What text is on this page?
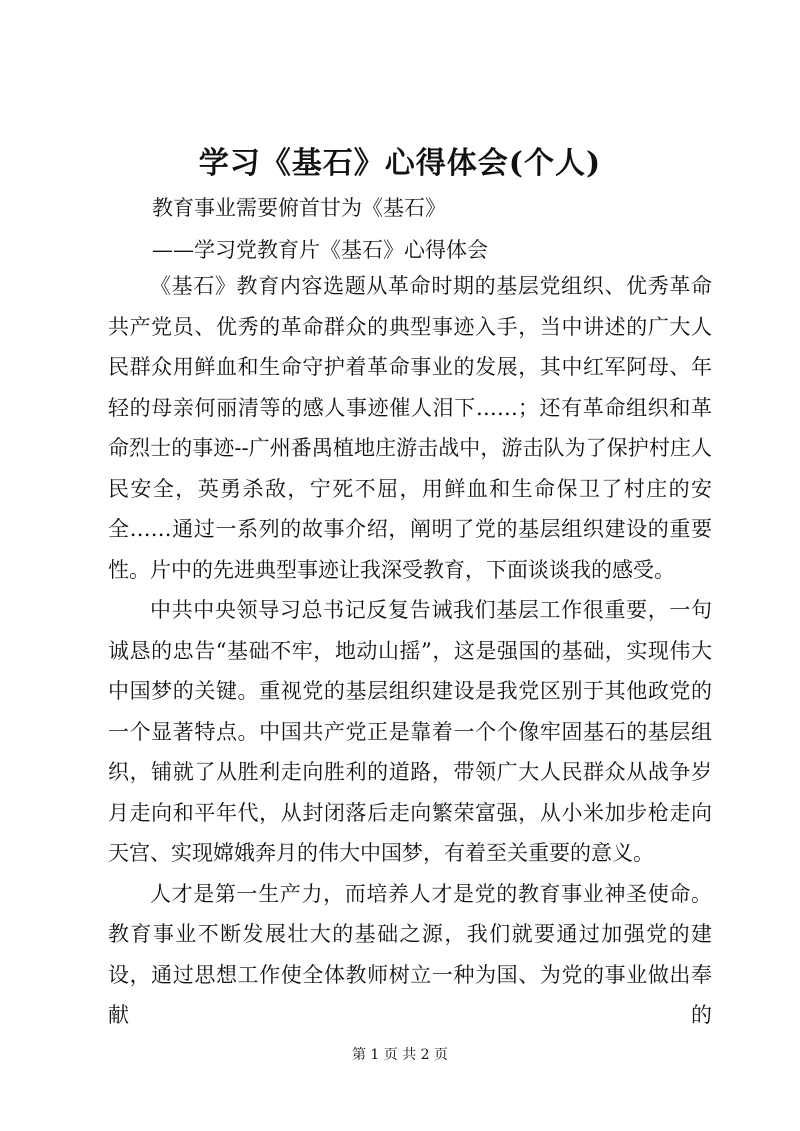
学习《基石》心得体会(个人)

教育事业需要俯首甘为《基石》

——学习党教育片《基石》心得体会

《基石》教育内容选题从革命时期的基层党组织、优秀革命共产党员、优秀的革命群众的典型事迹入手，当中讲述的广大人民群众用鲜血和生命守护着革命事业的发展，其中红军阿母、年轻的母亲何丽清等的感人事迹催人泪下……；还有革命组织和革命烈士的事迹--广州番禺植地庄游击战中，游击队为了保护村庄人民安全，英勇杀敌，宁死不屈，用鲜血和生命保卫了村庄的安全……通过一系列的故事介绍，阐明了党的基层组织建设的重要性。片中的先进典型事迹让我深受教育，下面谈谈我的感受。

中共中央领导习总书记反复告诫我们基层工作很重要，一句诚恳的忠告“基础不牢，地动山摇”，这是强国的基础，实现伟大中国梦的关键。重视党的基层组织建设是我党区别于其他政党的一个显著特点。中国共产党正是靠着一个个像牢固基石的基层组织，铺就了从胜利走向胜利的道路，带领广大人民群众从战争岁月走向和平年代，从封闭落后走向繁荣富强，从小米加步枪走向天宫、实现嫦娥奔月的伟大中国梦，有着至关重要的意义。

人才是第一生产力，而培养人才是党的教育事业神圣使命。教育事业不断发展壮大的基础之源，我们就要通过加强党的建设，通过思想工作使全体教师树立一种为国、为党的事业做出奉献的

第 1 页 共 2 页
